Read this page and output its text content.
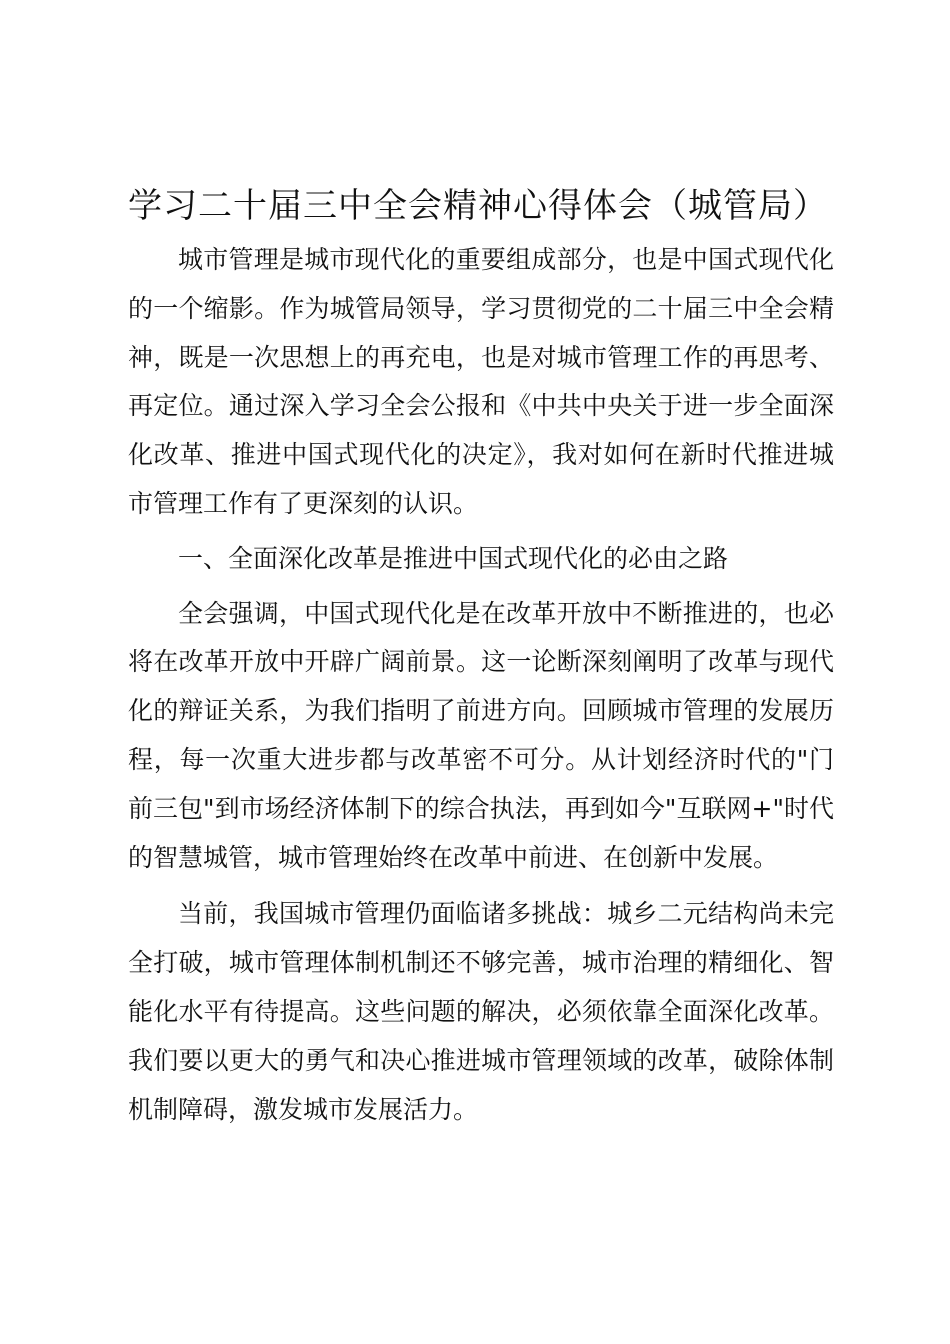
学习二十届三中全会精神心得体会（城管局）

城市管理是城市现代化的重要组成部分，也是中国式现代化的一个缩影。作为城管局领导，学习贯彻党的二十届三中全会精神，既是一次思想上的再充电，也是对城市管理工作的再思考、再定位。通过深入学习全会公报和《中共中央关于进一步全面深化改革、推进中国式现代化的决定》，我对如何在新时代推进城市管理工作有了更深刻的认识。

一、全面深化改革是推进中国式现代化的必由之路

全会强调，中国式现代化是在改革开放中不断推进的，也必将在改革开放中开辟广阔前景。这一论断深刻阐明了改革与现代化的辩证关系，为我们指明了前进方向。回顾城市管理的发展历程，每一次重大进步都与改革密不可分。从计划经济时代的"门前三包"到市场经济体制下的综合执法，再到如今"互联网+"时代的智慧城管，城市管理始终在改革中前进、在创新中发展。

当前，我国城市管理仍面临诸多挑战：城乡二元结构尚未完全打破，城市管理体制机制还不够完善，城市治理的精细化、智能化水平有待提高。这些问题的解决，必须依靠全面深化改革。我们要以更大的勇气和决心推进城市管理领域的改革，破除体制机制障碍，激发城市发展活力。
